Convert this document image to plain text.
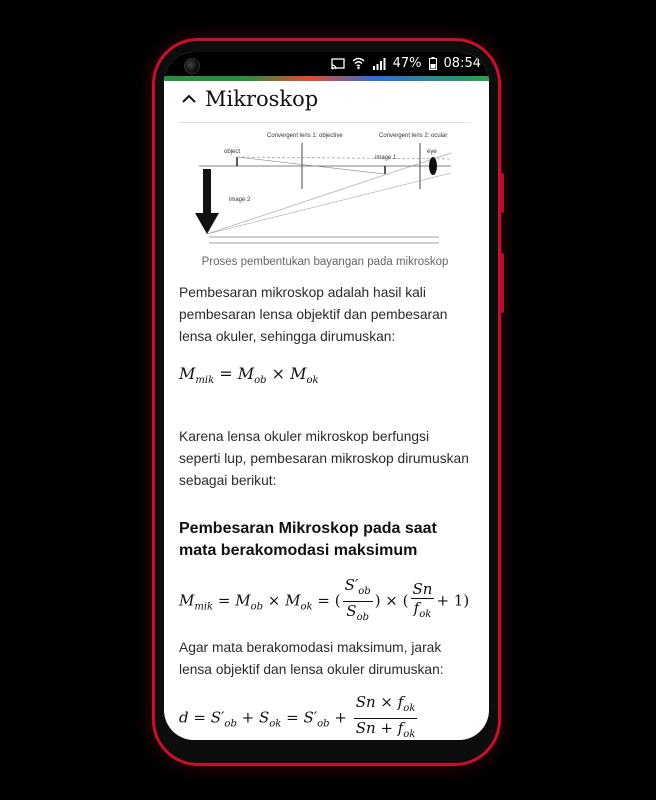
47% 08:54
Mikroskop
Convergent lens 1: objective	Convergent lens 2: ocular
object
image 1
eye
image 2
Proses pembentukan bayangan pada mikroskop
Pembesaran mikroskop adalah hasil kali pembesaran lensa objektif dan pembesaran lensa okuler, sehingga dirumuskan:
$M_{mik} = M_{ob} \times M_{ok}$
Karena lensa okuler mikroskop berfungsi seperti lup, pembesaran mikroskop dirumuskan sebagai berikut:
Pembesaran Mikroskop pada saat mata berakomodasi maksimum
$M_{mik} = M_{ob} \times M_{ok}$ = ( $\frac{S'_{ob}}{S_{ob}}$ ) × ( $\frac{Sn}{f_{ok}} + 1$)
Agar mata berakomodasi maksimum, jarak lensa objektif dan lensa okuler dirumuskan:
$d = S'_{ob} + S_{ok} = S'_{ob} + \frac{Sn \times f_{ok}}{Sn + f_{ok}}$
